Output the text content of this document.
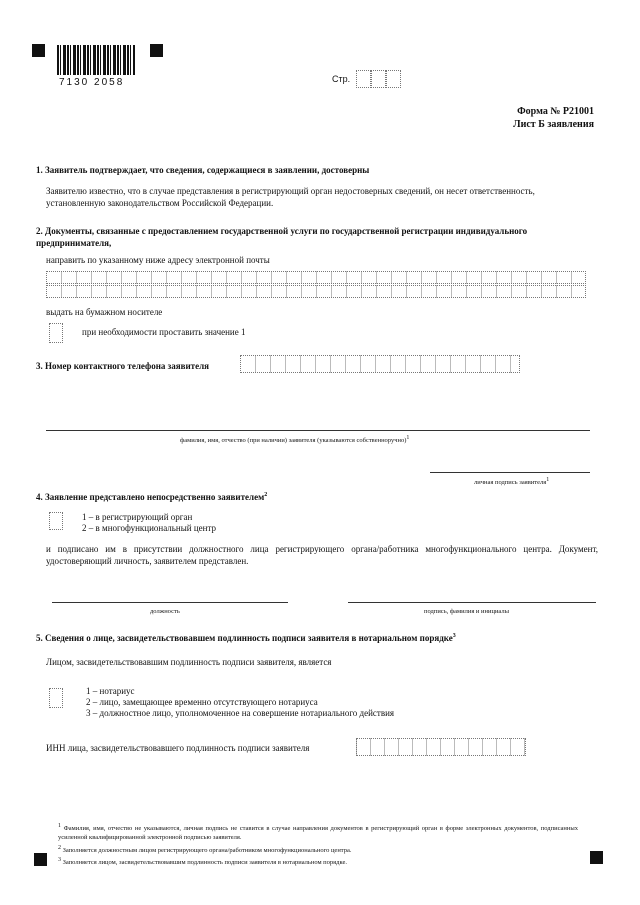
7130 2058	Стр.
Форма № Р21001
Лист Б заявления
1. Заявитель подтверждает, что сведения, содержащиеся в заявлении, достоверны
Заявителю известно, что в случае представления в регистрирующий орган недостоверных сведений, он несет ответственность, установленную законодательством Российской Федерации.
2. Документы, связанные с предоставлением государственной услуги по государственной регистрации индивидуального предпринимателя,
направить по указанному ниже адресу электронной почты
выдать на бумажном носителе
при необходимости проставить значение 1
3. Номер контактного телефона заявителя
фамилия, имя, отчество (при наличии) заявителя (указываются собственноручно)$^1$
личная подпись заявителя$^1$
4. Заявление представлено непосредственно заявителем$^2$
1 – в регистрирующий орган
2 – в многофункциональный центр
и подписано им в присутствии должностного лица регистрирующего органа/работника многофункционального центра. Документ, удостоверяющий личность, заявителем представлен.
должность	подпись, фамилия и инициалы
5. Сведения о лице, засвидетельствовавшем подлинность подписи заявителя в нотариальном порядке$^3$
Лицом, засвидетельствовавшим подлинность подписи заявителя, является
1 – нотариус
2 – лицо, замещающее временно отсутствующего нотариуса
3 – должностное лицо, уполномоченное на совершение нотариального действия
ИНН лица, засвидетельствовавшего подлинность подписи заявителя
$^1$ Фамилия, имя, отчество не указываются, личная подпись не ставится в случае направления документов в регистрирующий орган в форме электронных документов, подписанных усиленной квалифицированной электронной подписью заявителя.
$^2$ Заполняется должностным лицом регистрирующего органа/работником многофункционального центра.
$^3$ Заполняется лицом, засвидетельствовавшим подлинность подписи заявителя в нотариальном порядке.
